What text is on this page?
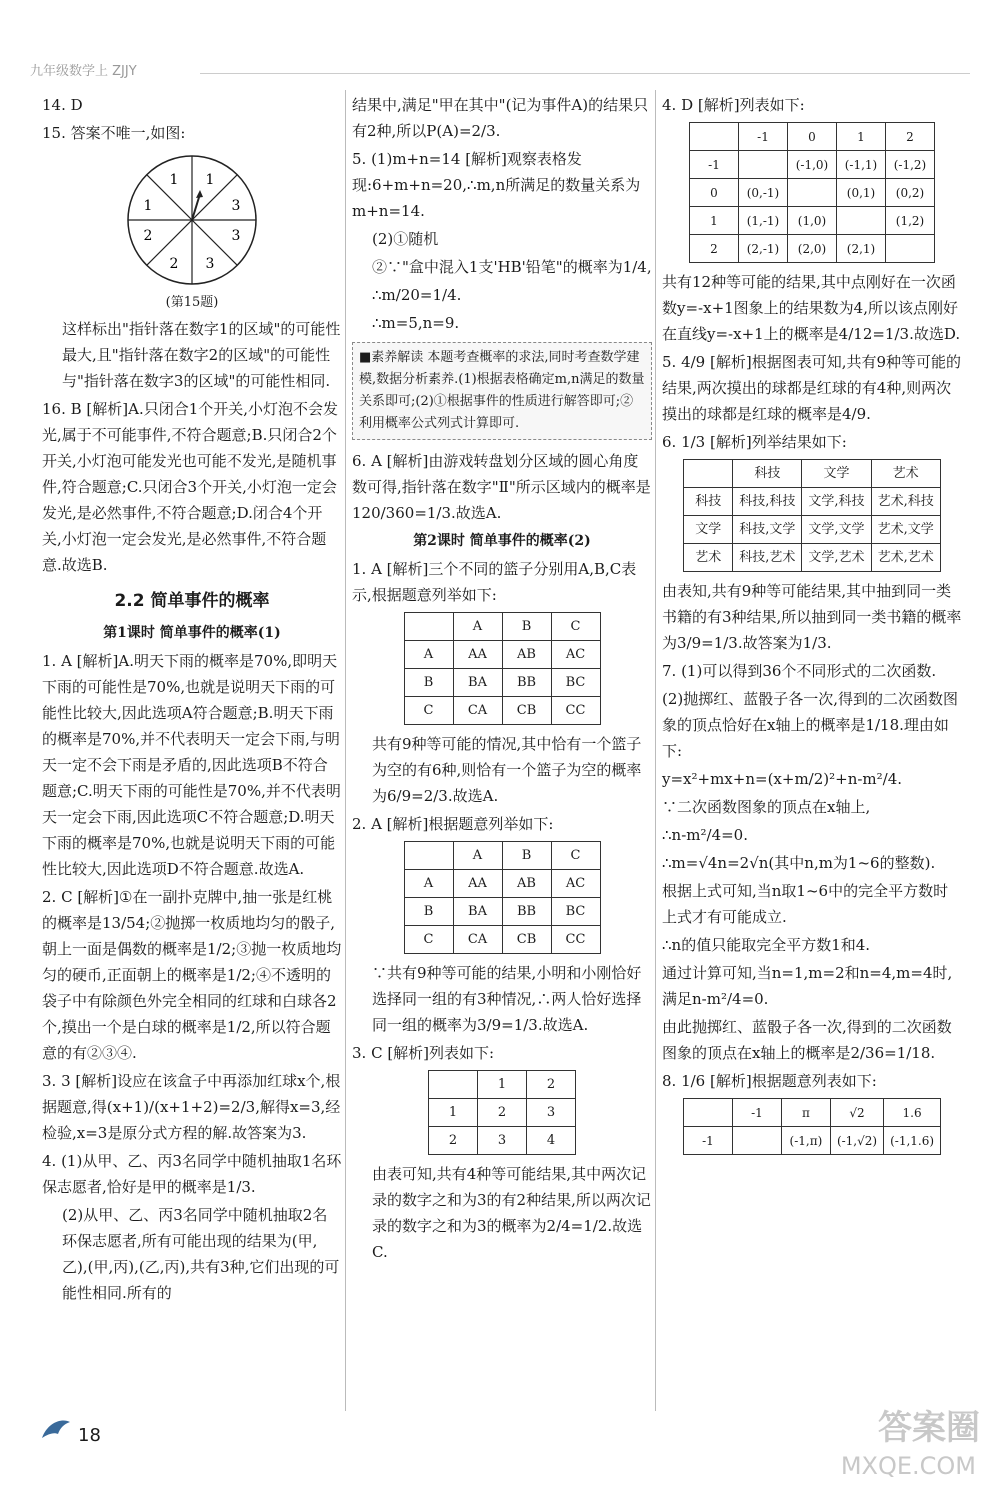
九年级数学上 ZJJY

14. D

15. 答案不唯一,如图:

1
1
1
2
2 3
3
3
(第15题)

这样标出"指针落在数字1的区域"的可能性最大,且"指针落在数字2的区域"的可能性与"指针落在数字3的区域"的可能性相同.

16. B [解析]A.只闭合1个开关,小灯泡不会发光,属于不可能事件,不符合题意;B.只闭合2个开关,小灯泡可能发光也可能不发光,是随机事件,符合题意;C.只闭合3个开关,小灯泡一定会发光,是必然事件,不符合题意;D.闭合4个开关,小灯泡一定会发光,是必然事件,不符合题意.故选B.

2.2 简单事件的概率
第1课时 简单事件的概率(1)

1. A [解析]A.明天下雨的概率是70%,即明天下雨的可能性是70%,也就是说明天下雨的可能性比较大,因此选项A符合题意;B.明天下雨的概率是70%,并不代表明天一定会下雨,与明天一定不会下雨是矛盾的,因此选项B不符合题意;C.明天下雨的可能性是70%,并不代表明天一定会下雨,因此选项C不符合题意;D.明天下雨的概率是70%,也就是说明天下雨的可能性比较大,因此选项D不符合题意.故选A.

2. C [解析]①在一副扑克牌中,抽一张是红桃的概率是13/54;②抛掷一枚质地均匀的骰子,朝上一面是偶数的概率是1/2;③抛一枚质地均匀的硬币,正面朝上的概率是1/2;④不透明的袋子中有除颜色外完全相同的红球和白球各2个,摸出一个是白球的概率是1/2,所以符合题意的有②③④.

3. 3 [解析]设应在该盒子中再添加红球x个,根据题意,得(x+1)/(x+1+2)=2/3,解得x=3,经检验,x=3是原分式方程的解.故答案为3.

4. (1)从甲、乙、丙3名同学中随机抽取1名环保志愿者,恰好是甲的概率是1/3.

(2)从甲、乙、丙3名同学中随机抽取2名环保志愿者,所有可能出现的结果为(甲,乙),(甲,丙),(乙,丙),共有3种,它们出现的可能性相同.所有的

结果中,满足"甲在其中"(记为事件A)的结果只有2种,所以P(A)=2/3.

5. (1)m+n=14 [解析]观察表格发现:6+m+n=20,∴m,n所满足的数量关系为m+n=14.

(2)①随机

②∵"盒中混入1支'HB'铅笔"的概率为1/4,

∴m/20=1/4.

∴m=5,n=9.

■素养解读 本题考查概率的求法,同时考查数学建模,数据分析素养.(1)根据表格确定m,n满足的数量关系即可;(2)①根据事件的性质进行解答即可;②利用概率公式列式计算即可.

6. A [解析]由游戏转盘划分区域的圆心角度数可得,指针落在数字"Ⅱ"所示区域内的概率是120/360=1/3.故选A.

第2课时 简单事件的概率(2)

1. A [解析]三个不同的篮子分别用A,B,C表示,根据题意列举如下:

	A	B	C
A	AA	AB	AC
B	BA	BB	BC
C	CA	CB	CC

共有9种等可能的情况,其中恰有一个篮子为空的有6种,则恰有一个篮子为空的概率为6/9=2/3.故选A.

2. A [解析]根据题意列举如下:

	A	B	C
A	AA	AB	AC
B	BA	BB	BC
C	CA	CB	CC

∵共有9种等可能的结果,小明和小刚恰好选择同一组的有3种情况,∴两人恰好选择同一组的概率为3/9=1/3.故选A.

3. C [解析]列表如下:

	1	2
1	2	3
2	3	4

由表可知,共有4种等可能结果,其中两次记录的数字之和为3的有2种结果,所以两次记录的数字之和为3的概率为2/4=1/2.故选C.

4. D [解析]列表如下:

	-1	0	1	2
-1		(-1,0)	(-1,1)	(-1,2)
0	(0,-1)		(0,1)	(0,2)
1	(1,-1)	(1,0)		(1,2)
2	(2,-1)	(2,0)	(2,1)	

共有12种等可能的结果,其中点刚好在一次函数y=-x+1图象上的结果数为4,所以该点刚好在直线y=-x+1上的概率是4/12=1/3.故选D.

5. 4/9 [解析]根据图表可知,共有9种等可能的结果,两次摸出的球都是红球的有4种,则两次摸出的球都是红球的概率是4/9.

6. 1/3 [解析]列举结果如下:

	科技	文学	艺术
科技	科技,科技	文学,科技	艺术,科技
文学	科技,文学	文学,文学	艺术,文学
艺术	科技,艺术	文学,艺术	艺术,艺术

由表知,共有9种等可能结果,其中抽到同一类书籍的有3种结果,所以抽到同一类书籍的概率为3/9=1/3.故答案为1/3.

7. (1)可以得到36个不同形式的二次函数.

(2)抛掷红、蓝骰子各一次,得到的二次函数图象的顶点恰好在x轴上的概率是1/18.理由如下:

y=x²+mx+n=(x+m/2)²+n-m²/4.

∵二次函数图象的顶点在x轴上,

∴n-m²/4=0.

∴m=√4n=2√n(其中n,m为1~6的整数).

根据上式可知,当n取1~6中的完全平方数时上式才有可能成立.

∴n的值只能取完全平方数1和4.

通过计算可知,当n=1,m=2和n=4,m=4时,满足n-m²/4=0.

由此抛掷红、蓝骰子各一次,得到的二次函数图象的顶点在x轴上的概率是2/36=1/18.

8. 1/6 [解析]根据题意列表如下:

	-1	π	√2	1.6
-1		(-1,π)	(-1,√2)	(-1,1.6)
18	答案圈
MXQE.COM
